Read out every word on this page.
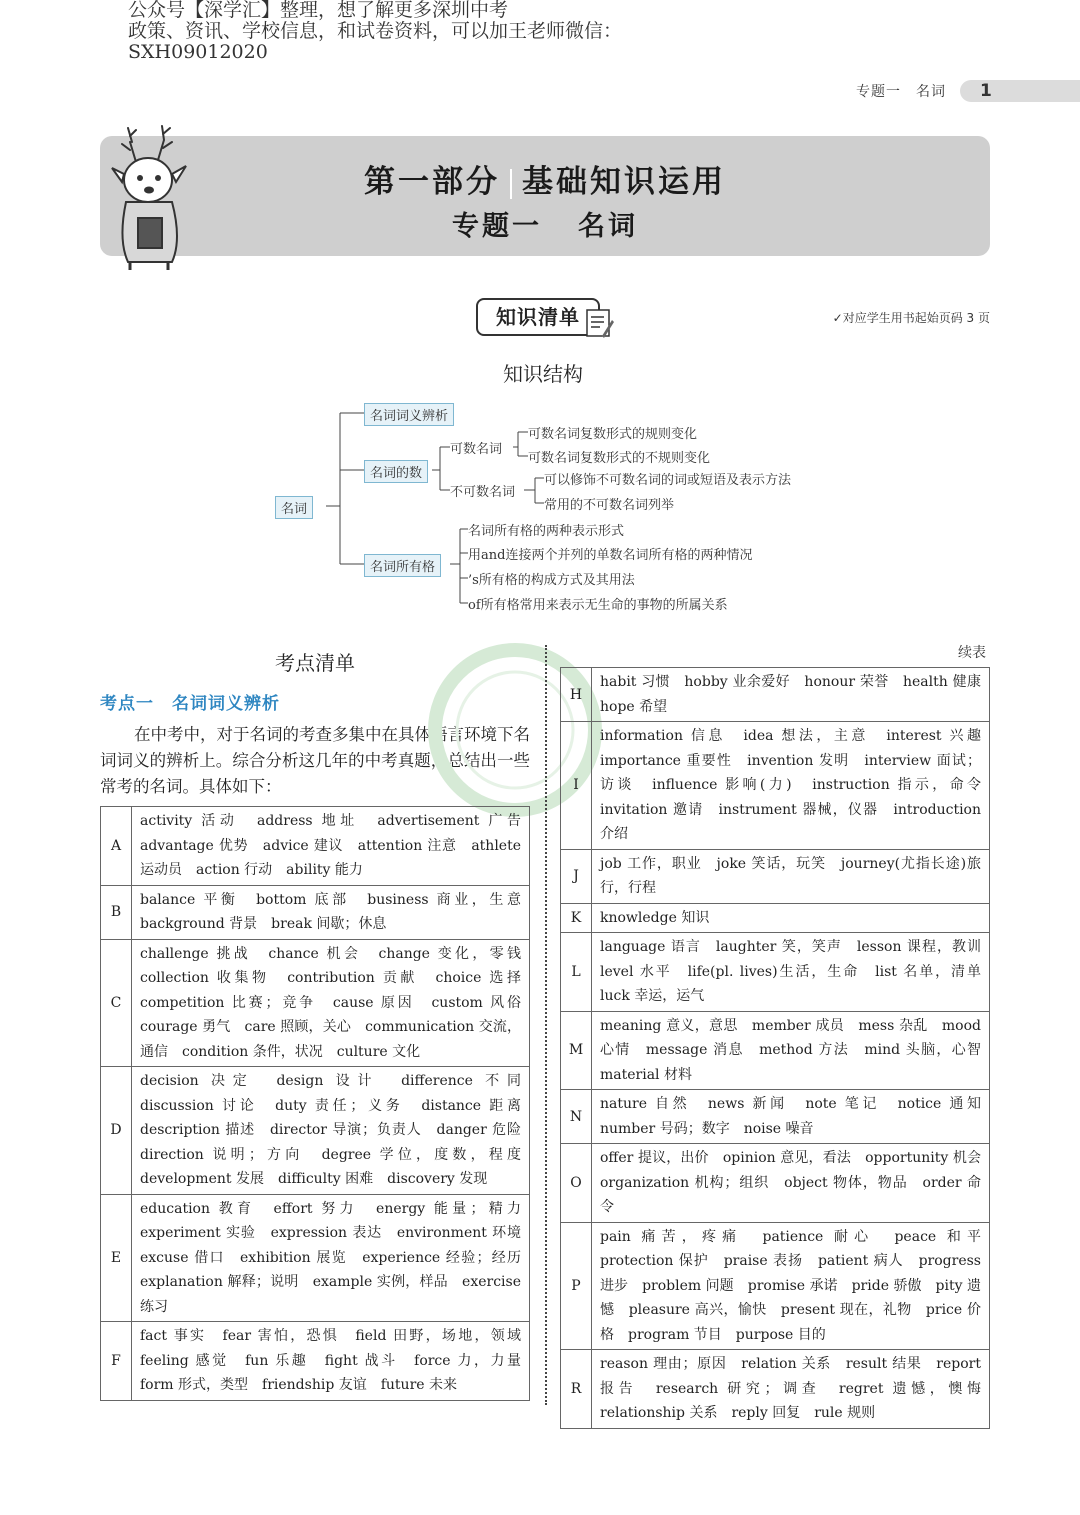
公众号【深学汇】整理，想了解更多深圳中考
政策、资讯、学校信息，和试卷资料，可以加王老师微信：
SXH09012020
专题一　名词	1
第一部分 基础知识运用
专题一 名词
知识清单	✓对应学生用书起始页码 3 页
知识结构
名词
名词词义辨析
名词的数
名词所有格
可数名词
可数名词复数形式的规则变化
可数名词复数形式的不规则变化
不可数名词
可以修饰不可数名词的词或短语及表示方法
常用的不可数名词列举
名词所有格的两种表示形式
用and连接两个并列的单数名词所有格的两种情况
’s所有格的构成方式及其用法
of所有格常用来表示无生命的事物的所属关系
考点清单
考点一 名词词义辨析
在中考中，对于名词的考查多集中在具体语言环境下名词词义的辨析上。综合分析这几年的中考真题，总结出一些常考的名词。具体如下：
续表
A	activity 活动　address 地址　advertisement 广告　advantage 优势　advice 建议　attention 注意　athlete 运动员　action 行动　ability 能力
B	balance 平衡　bottom 底部　business 商业，生意　background 背景　break 间歇；休息
C	challenge 挑战　chance 机会　change 变化，零钱　collection 收集物　contribution 贡献　choice 选择　competition 比赛；竞争　cause 原因　custom 风俗　courage 勇气　care 照顾，关心　communication 交流，通信　condition 条件，状况　culture 文化
D	decision 决定　design 设计　difference 不同　discussion 讨论　duty 责任；义务　distance 距离　description 描述　director 导演；负责人　danger 危险　direction 说明；方向　degree 学位，度数，程度　development 发展　difficulty 困难　discovery 发现
E	education 教育　effort 努力　energy 能量；精力　experiment 实验　expression 表达　environment 环境　excuse 借口　exhibition 展览　experience 经验；经历　explanation 解释；说明　example 实例，样品　exercise 练习
F	fact 事实　fear 害怕，恐惧　field 田野，场地，领域　feeling 感觉　fun 乐趣　fight 战斗　force 力，力量　form 形式，类型　friendship 友谊　future 未来
H	habit 习惯　hobby 业余爱好　honour 荣誉　health 健康　hope 希望
I	information 信息　idea 想法，主意　interest 兴趣　importance 重要性　invention 发明　interview 面试；访谈　influence 影响(力)　instruction 指示，命令　invitation 邀请　instrument 器械，仪器　introduction 介绍
J	job 工作，职业　joke 笑话，玩笑　journey(尤指长途)旅行，行程
K	knowledge 知识
L	language 语言　laughter 笑，笑声　lesson 课程，教训　level 水平　life(pl. lives)生活，生命　list 名单，清单　luck 幸运，运气
M	meaning 意义，意思　member 成员　mess 杂乱　mood 心情　message 消息　method 方法　mind 头脑，心智　material 材料
N	nature 自然　news 新闻　note 笔记　notice 通知　number 号码；数字　noise 噪音
O	offer 提议，出价　opinion 意见，看法　opportunity 机会　organization 机构；组织　object 物体，物品　order 命令
P	pain 痛苦，疼痛　patience 耐心　peace 和平　protection 保护　praise 表扬　patient 病人　progress 进步　problem 问题　promise 承诺　pride 骄傲　pity 遗憾　pleasure 高兴，愉快　present 现在，礼物　price 价格　program 节目　purpose 目的
R	reason 理由；原因　relation 关系　result 结果　report 报告　research 研究；调查　regret 遗憾，懊悔　relationship 关系　reply 回复　rule 规则
